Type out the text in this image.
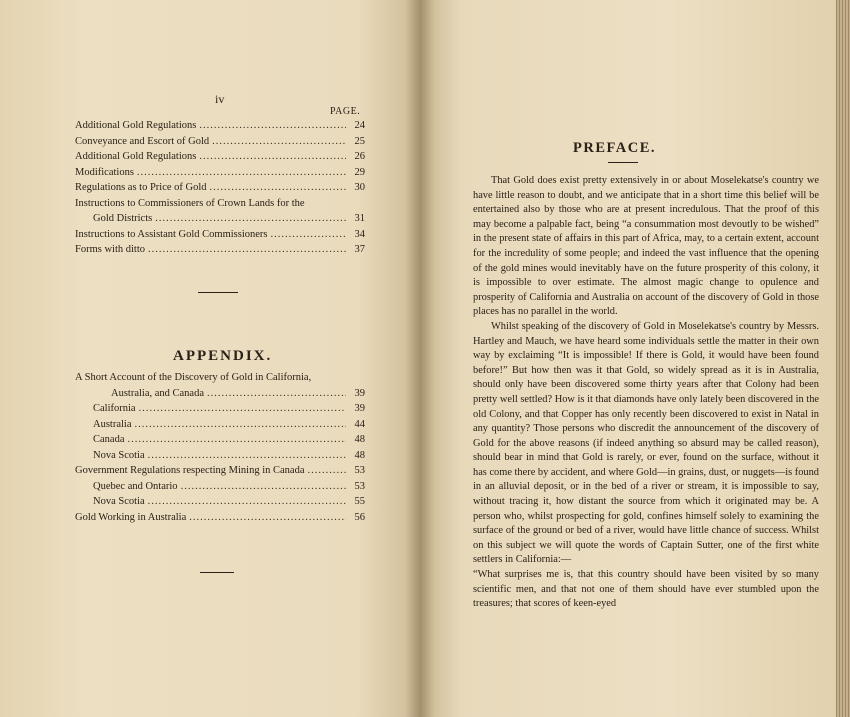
iv
PAGE.
Additional Gold Regulations .....	24
Conveyance and Escort of Gold .....	25
Additional Gold Regulations .....	26
Modifications .....	29
Regulations as to Price of Gold .....	30
Instructions to Commissioners of Crown Lands for the
Gold Districts .....	31
Instructions to Assistant Gold Commissioners .....	34
Forms with ditto .....	37
APPENDIX.
A Short Account of the Discovery of Gold in California,
Australia, and Canada .....	39
California .....	39
Australia .....	44
Canada .....	48
Nova Scotia .....	48
Government Regulations respecting Mining in Canada .....	53
Quebec and Ontario .....	53
Nova Scotia .....	55
Gold Working in Australia .....	56
PREFACE.

That Gold does exist pretty extensively in or about Moselekatse's country we have little reason to doubt, and we anticipate that in a short time this belief will be entertained also by those who are at present incredulous. That the proof of this may become a palpable fact, being “a consummation most devoutly to be wished” in the present state of affairs in this part of Africa, may, to a certain extent, account for the incredulity of some people; and indeed the vast influence that the opening of the gold mines would inevitably have on the future prosperity of this colony, it is impossible to over estimate. The almost magic change to opulence and prosperity of California and Australia on account of the discovery of Gold in those places has no parallel in the world.

Whilst speaking of the discovery of Gold in Moselekatse's country by Messrs. Hartley and Mauch, we have heard some individuals settle the matter in their own way by exclaiming “It is impossible! If there is Gold, it would have been found before!” But how then was it that Gold, so widely spread as it is in Australia, should only have been discovered some thirty years after that Colony had been pretty well settled? How is it that diamonds have only lately been discovered in the old Colony, and that Copper has only recently been discovered to exist in Natal in any quantity? Those persons who discredit the announcement of the discovery of Gold for the above reasons (if indeed anything so absurd may be called reason), should bear in mind that Gold is rarely, or ever, found on the surface, without it has come there by accident, and where Gold—in grains, dust, or nuggets—is found in an alluvial deposit, or in the bed of a river or stream, it is impossible to say, without tracing it, how distant the source from which it originated may be. A person who, whilst prospecting for gold, confines himself solely to examining the surface of the ground or bed of a river, would have little chance of success. Whilst on this subject we will quote the words of Captain Sutter, one of the first white settlers in California:—

“What surprises me is, that this country should have been visited by so many scientific men, and that not one of them should have ever stumbled upon the treasures; that scores of keen-eyed
